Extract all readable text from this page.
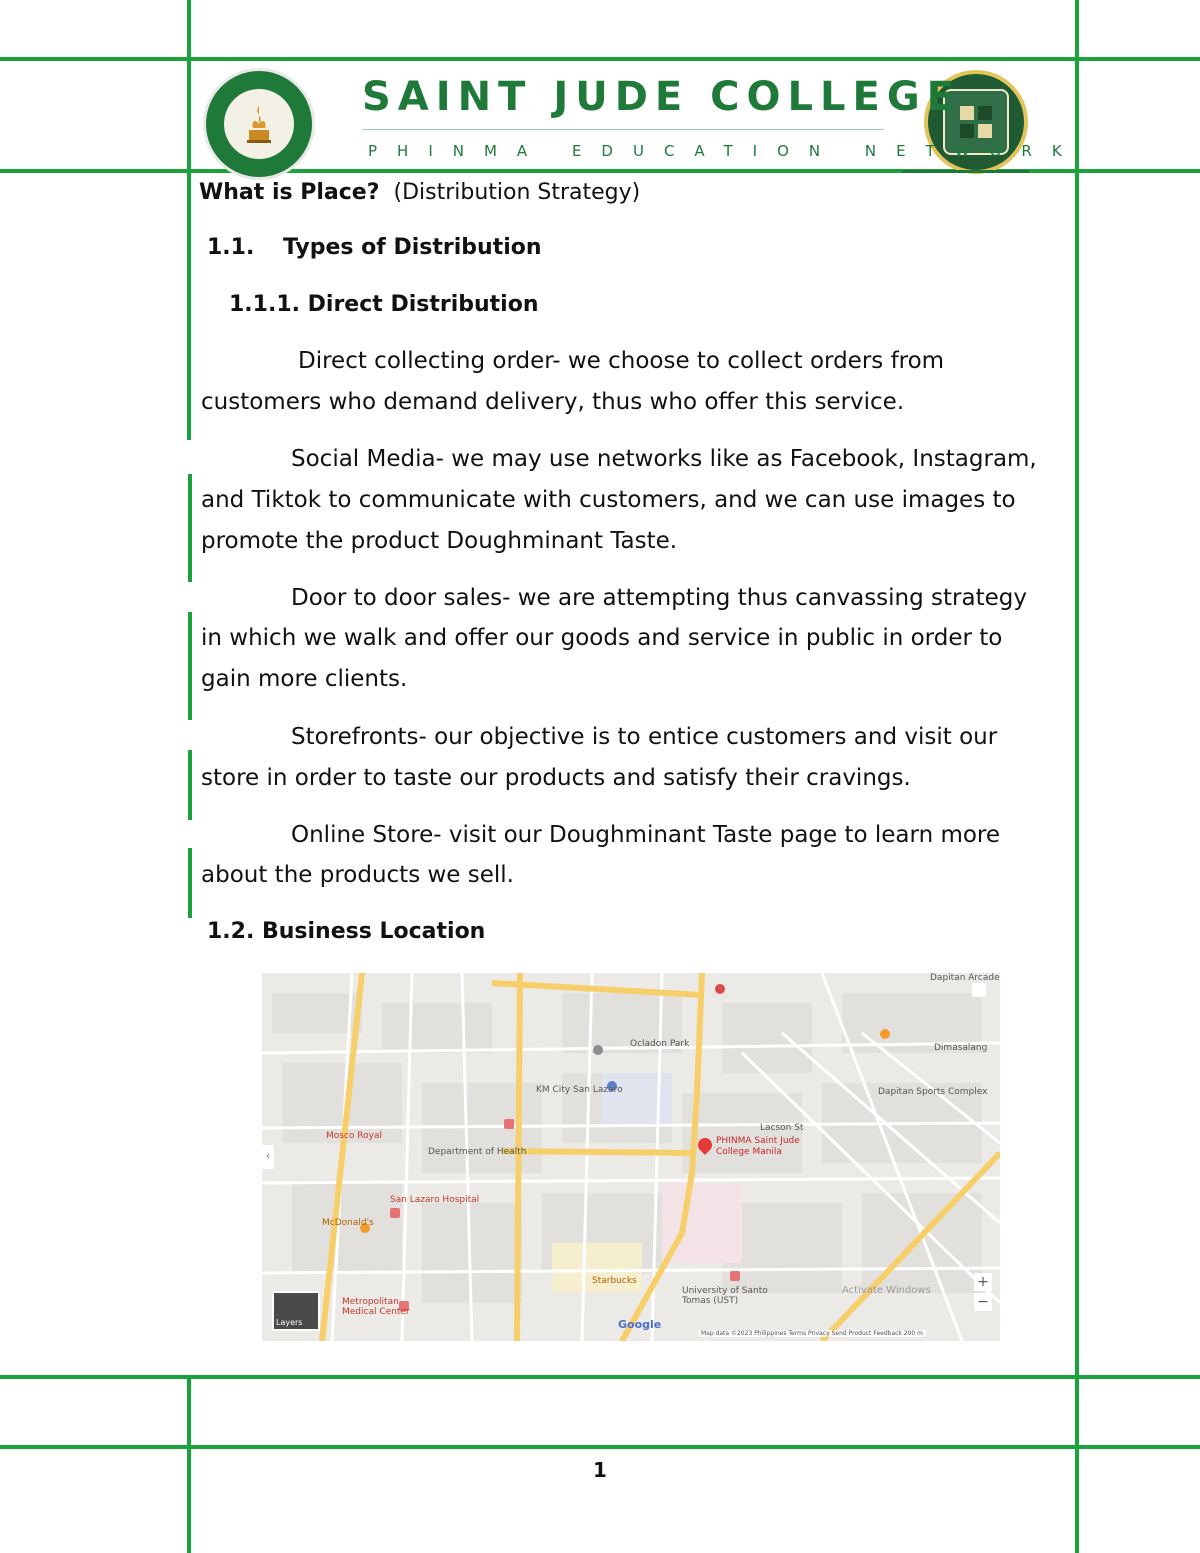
SAINT JUDE COLLEGE
PHINMA EDUCATION NETWORK
What is Place? (Distribution Strategy)
1.1. Types of Distribution
1.1.1. Direct Distribution
Direct collecting order- we choose to collect orders from
customers who demand delivery, thus who offer this service.
Social Media- we may use networks like as Facebook, Instagram,
and Tiktok to communicate with customers, and we can use images to
promote the product Doughminant Taste.
Door to door sales- we are attempting thus canvassing strategy
in which we walk and offer our goods and service in public in order to
gain more clients.
Storefronts- our objective is to entice customers and visit our
store in order to taste our products and satisfy their cravings.
Online Store- visit our Doughminant Taste page to learn more
about the products we sell.
1.2. Business Location
PHINMA Saint Jude
College Manila
Department of Health
San Lazaro Hospital
University of Santo
Tomas (UST)
Metropolitan
Medical Center
Dapitan Sports Complex
Mosco Royal
McDonald's
Starbucks
Lacson St
Dapitan Arcade
KM City San Lazaro
Ocladon Park	Dimasalang
Layers
‹
+
−
Google
Activate Windows
Map data ©2023 Philippines Terms Privacy Send Product Feedback 200 m
1
